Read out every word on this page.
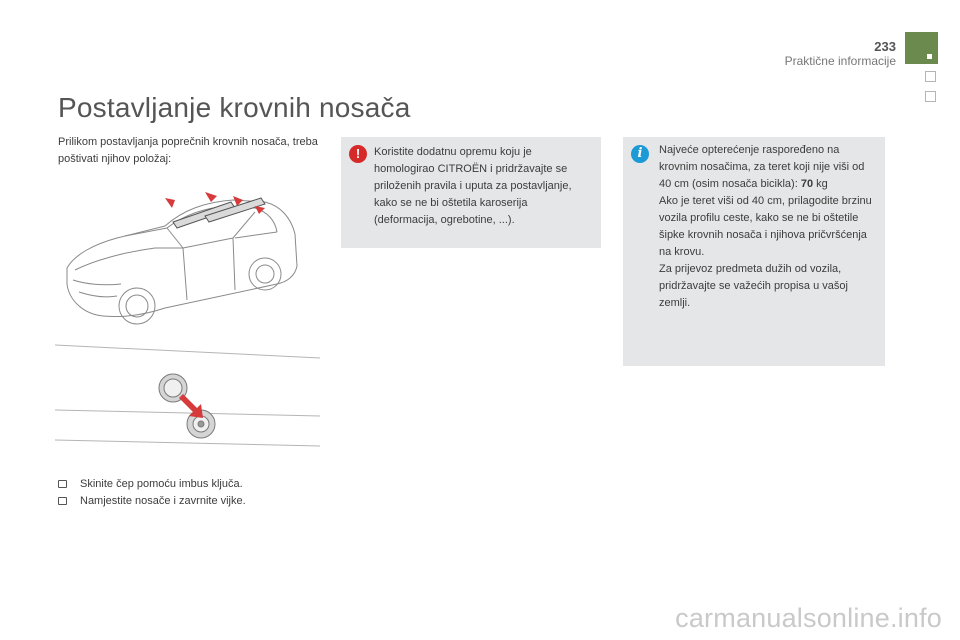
233
Praktične informacije
Postavljanje krovnih nosača
Prilikom postavljanja poprečnih krovnih nosača, treba poštivati njihov položaj:
Skinite čep pomoću imbus ključa.
Namjestite nosače i zavrnite vijke.
!	Koristite dodatnu opremu koju je homologirao CITROËN i pridržavajte se priloženih pravila i uputa za postavljanje, kako se ne bi oštetila karoserija (deformacija, ogrebotine, ...).
i	Najveće opterećenje raspoređeno na krovnim nosačima, za teret koji nije viši od 40 cm (osim nosača bicikla): 70 kg
Ako je teret viši od 40 cm, prilagodite brzinu vozila profilu ceste, kako se ne bi oštetile šipke krovnih nosača i njihova pričvršćenja na krovu.
Za prijevoz predmeta dužih od vozila, pridržavajte se važećih propisa u vašoj zemlji.
carmanualsonline.info
